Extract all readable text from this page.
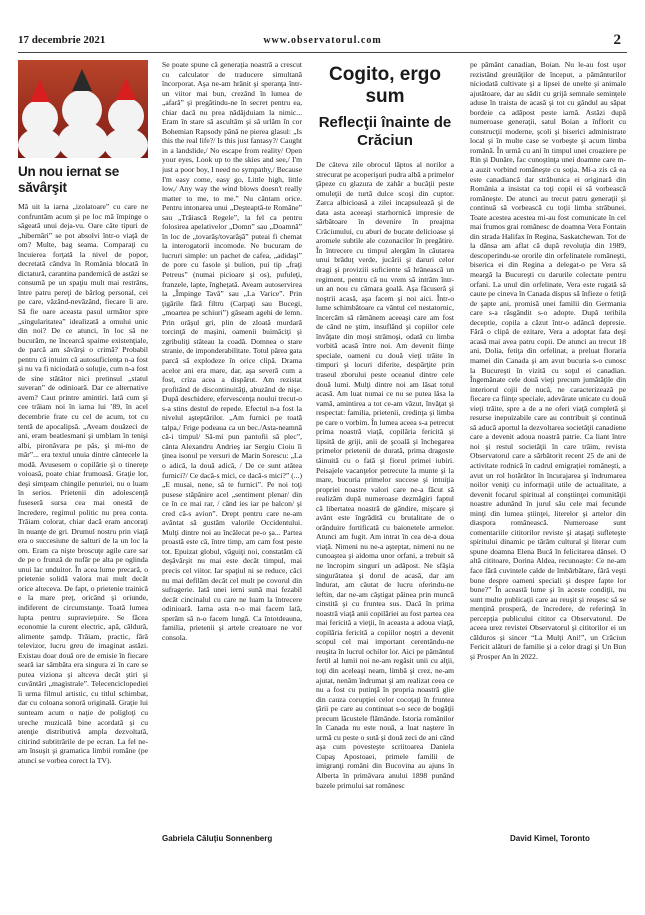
17 decembrie 2021	www.observatorul.com	2
Un nou iernat se săvârşit

Mă uit la iarna „izolatoare” cu care ne confruntăm acum şi pe loc mă împinge o săgeată unui deja-vu. Oare câte tipuri de „hibernări” se pot absolvi într-o viaţă de om? Multe, bag seama. Comparaţi cu încuierea forţată la nivel de popor, decretată cândva în România blocată în dictatură, carantina pandemică de astăzi se consumă pe un spaţiu mult mai restrâns, între patru pereţi de bârlog personal, cei pe care, văzând-nevăzând, fiecare îi are. Să fie oare aceasta pasul următor spre „singularitatea” idealizată a omului unic din noi? De ce atunci, în loc să ne bucurăm, ne încearcă spaime existenţiale, de parcă am săvârşi o crimă? Probabil pentru că intuim că autosuficienţa n-a fost şi nu va fi niciodată o soluţie, cum n-a fost de sine stătător nici pretinsul „statul suveran” de odinioară. Dar ce alternative avem? Caut printre amintiri. Iată cum şi cee trăiam noi în iarna lui ’89, în acel decembrie frate cu cel de acum, tot cu tentă de apocalipsă. „Aveam douăzeci de ani, eram beatlesmani şi umblam în tenişi albi, pironăvara pe pâs, şi mi-mo de măr”... era textul unuia dintre cântecele la modă. Avusesem o copilărie şi o tinereţe voioasă, poate chiar frumoasă. Graţie lor, deşi simţeam chingile penuriei, nu o luam în serios. Prietenii din adolescenţă fuseseră sursa cea mai onestă de încredere, regimul politic nu prea conta. Trăiam colorat, chiar dacă eram ancoraţi în nuanţe de gri. Drumul nostru prin viaţă era o succesiune de salturi de la un loc la om. Eram ca nişte broscuţe agile care sar de pe o frunză de nufăr pe alta pe oglinda unui lac unduitor. În acea lume precară, o prietenie solidă valora mai mult decât orice alteceva. De fapt, o prietenie trainică e la mare preţ, oricând şi oriunde, indiferent de circumstanţe. Toată lumea lupta pentru supravieţuire. Se făcea economie la curent electric, apă, căldură, alimente şamdp. Trăiam, practic, fără televizor, lucru greu de imaginat astăzi. Existau doar două ore de emisie în fiecare seară iar sâmbăta era singura zi în care se putea viziona şi altceva decât ştiri şi cuvântări „magistrale”. Telecenciclopediei îi urma filmul artistic, cu titlul schimbat, dar cu coloana sonoră originală. Graţie lui sunteam acum o naţie de poligloţi cu ureche muzicală bine acordată şi cu atenţie distributivă ampla dezvoltată, citirind subtitrările de pe ecran. La fel ne-am însuşit şi gramatica limbii române (pe atunci se vorbea corect la TV).

Se poate spune că generaţia noastră a crescut cu calculator de traducere simultană încorporat. Aşa ne-am hrănit şi speranţa într-un viitor mai bun, crezând în lumea de „afară” şi pregătindu-ne în secret pentru ea, chiar dacă nu prea nădăjduiam la nimic... Eram în stare să ascultăm şi să urlăm în cor Bohemian Rapsody până ne pierea glasul: „Is this the real life?/ Is this just fantasy?/ Caught in a landslide,/ No escape from reality/ Open your eyes, Look up to the skies and see,/ I'm just a poor boy, I need no sympathy,/ Because I'm easy come, easy go, Little high, little low,/ Any way the wind blows doesn't really matter to me, to me.” Nu cântam orice. Pentru intonarea unui „Deşteaptă-te Române” sau „Trăiască Regele”, la fel ca pentru folosirea apelativelor „Domn” sau „Doamnă” în loc de „tovarăş/tovarăşă” puteai fi chemat la interogatorii incomode. Ne bucuram de lucruri simple: un pachet de cafea, „adidaşi” de pore cu fasole şi bulion, pui tip „fraţi Petreus” (numai picioare şi os), pufuleţi, franzele, lapte, îngheţată. Aveam autoservirea la „Împinge Tavă” sau „La Varice”. Prin ţigările fără filtru (Carpaţi sau Bucegi, „moartea pe schiuri”) găseam agehi de lemn. Prin orăşul gri, plin de zloată murdară torcinţă de maşini, oamenii buimăciţi şi zgribuliţi stăteau la coadă. Domnea o stare stranie, de imponderabilitate. Totul părea gata parcă să explodeze în orice clipă. Drama acelor ani era mare, dar, aşa severă cum a fost, criza acea a dispărut. Am rezistat profitând de discontinuităţi, abuzând de nişe. După deschidere, efervescenţa noului trecut-o s-a stins destul de repede. Efectul n-a fost la nivelul aşteptărilor. „Am furnici pe toată talpa,/ Frige podeaua ca un bec./Asta-neamnă că-i timpul/ Să-mi pun pantofii să plec”, cânta Alexandru Andrieş iar Sergiu Cioiu îi ţinea isonul pe versuri de Marin Sorescu: „La o adică, la două adică, / De ce sunt atâtea furnici?/ Ce dacă-s mici, ce dacă-s mici?” (...) „E musai, nene, să te furnici”. Pe noi toţi pusese stăpânire acel „sentiment plenar/ din ce în ce mai rar, / când ies iar pe balcon/ şi cred că-s avion”. Drept pentru care ne-am avântat să gustăm valorile Occidentului. Mulţi dintre noi au încălecat pe-o şa... Partea proastă este că, între timp, am cam fost peste tot. Epuizat globul, văguiţi noi, constatăm că deşăvârşit nu mai este decât timpul, mai precis cel viitor. Iar spaţiul ni se reduce, căci nu mai defilăm decât cel mult pe covorul din sufragerie. Iată unei ierni sună mai fezabil decât cincinalul cu care ne luam la întrecere odinioară. Iarna asta n-o mai facem lată, sperăm să n-o facem lungă. Ca întotdeauna, familia, prietenii şi artele creatoare ne vor consola.

Cogito, ergo sum
Reflecţii înainte de Crăciun

De câteva zile obrocul lăptos al norilor a strecurat pe acoperişuri pudra albă a primelor ţăpeze cu glazura de zahăr a bucăţii peste omuleţii de turtă dulce scoşi din cuptor. Zarca albicioasă a zilei incapsulează şi de data asta aceeaşi starhornică impresie de sărbătoare în devenire în preajma Crăciunului, cu aburi de bucate delicioase şi aromele subtile ale cozonacilor în pregătire. În întrecere cu timpul alergăm în căutarea unui brăduţ verde, jucării şi daruri celor dragi şi proviziii suficiente să hrănească un regiment, pentru că nu vrem să intrăm într-un an nou cu cămara goală. Aşa făcuseră şi noştrii acasă, aşa facem şi noi aici. Într-o lume schimbătoare ca vântul cel nestatornic, încercăm să rămânem aceeaşi care am fost de când ne ştim, insuflând şi copiilor cele învăţate din moşi strămoşi, odată cu limba vorbită acasă între noi. Am devenit fiinţe speciale, oameni cu două vieţi trăite în timpuri şi locuri diferite, despărţite prin traseul zborului peste oceanul dintre cele două lumi. Mulţi dintre noi am lăsat totul acasă. Am luat numai ce nu se putea lăsa la vamă, amintirea a tot ce-am văzut, învăţat şi respectat: familia, prietenii, credinţa şi limba pe care o vorbim. În lumea aceea s-a petrecut prima noastră viaţă, copilăria fericită şi lipsită de griji, anii de şcoală şi închegarea primelor prietenii de durată, prima dragoste tăinuită cu o fată şi fiorul primei iubiri. Peisajele vacanţelor petrecute la munte şi la mare, bucuria primelor succese şi intuiţia propriei noastre valori care ne-a făcut să realizăm după numeroase dezmăgiri faptul că libertatea noastră de gândire, mişcare şi avânt este îngrădită cu brutalitate de o orânduire fortificată cu baionetele armelor. Atunci am fugit. Am intrat în cea de-a doua viaţă. Nimeni nu ne-a aşteptat, nimeni nu ne cunoaştea şi aidoma unor orfani, a trebuit să ne încropim singuri un adăpost. Ne sfâşia singurătatea şi dorul de acasă, dar am îndurat, am căutat de lucru oferindu-ne ieftin, dar ne-am câştigat pâinea prin muncă cinstită şi cu fruntea sus. Dacă în prima noastră viaţă anii copilăriei au fost partea cea mai fericită a vieţii, în aceasta a adoua viaţă, copilăria fericită a copiilor noştri a devenit scopul cel mai important cerentându-ne reuşita în lucrul ochilor lor. Aici pe pământul fertil al lumii noi ne-am regăsit unii cu alţii, toţi din aceleaşi neam, limbă şi crez, ne-am ajutat, nenăm îndrumat şi am realizat ceea ce nu a fost cu putinţă în propria noastră glie din cauza corupţiei celor cocoţaţi în fruntea ţării pe care au continuat s-o sece de bogăţii precum lăcustele flămânde. Istoria românilor în Canada nu este nouă, a luat naştere în urmă cu peste o sută şi două zeci de ani când aşa cum povesteşte scriitoarea Daniela Cupaş Apostoaei, primele familii de imigranţi români din Bucovina au ajuns în Alberta în primăvara anului 1898 punând bazele primului sat românesc

pe pământ canadian, Boian. Nu le-au fost uşor rezistând greutăţilor de început, a pământurilor niciodată cultivate şi a lipsei de unelte şi animale ajutătoare, dar au sădit cu grijă semnale seminţele aduse în traista de acasă şi tot cu gândul au săpat bordeie ca adăpost peste iarnă. Astăzi după numeroase generaţii, satul Boian a înflorit cu construcţii moderne, şcoli şi biserici administrate local şi în multe case se vorbeşte şi acum limba română. În urmă cu ani în timpul unei croaziere pe Rin şi Dunăre, fac cunoştinţa unei doamne care m-a auzit vorbind româneşte cu soţia. Mi-a zis că ea este canadiancă dar străbunica ei originară din România a insistat ca toţi copii ei să vorbească româneşte. De atunci au trecut patru generaţii şi continuă să vorbească cu toţii limba străbunei. Toate acestea acestea mi-au fost comunicate în cel mai frumos grai românesc de doamna Vera Fontain din strada Halifax în Regina, Saskatchewan. Tot de la dânsa am aflat că după revoluţia din 1989, descoperindu-se ororile din orfelinatele româneşti, biserica ei din Regina a delegat-o pe Vera să meargă la Bucureşti cu darurile colectate pentru orfani. La unul din orfelinate, Vera este rugată să caute pe cineva în Canada dispus să înfieze o fetiţă de şapte ani, promisă unei familii din Germania care s-a răsgândit s-o adopte. După teribila deceptie, copila a căzut într-o adâncă depresie. Fără o clipă de ezitare, Vera a adoptat fata deşi acasă mai avea patru copii. De atunci au trecut 18 ani, Dolia, fetiţa din orfelinat, a preluat floraria mamei din Canada şi am avut bucuria s-o cunosc la Bucureşti în vizită cu soţul ei canadian. Îngemănate cele două vieţi precum jumătăţile din interiorul cojii de nucă, ne caracterizează pe fiecare ca fiinţe speciale, adevărate unicate cu două vieţi trăite, spre a de a ne oferi viaţă completă şi resurse inepuizabile care au contribuit şi continuă să aducă aportul la dezvoltarea societăţii canadiene care a devenit adoua noastră patrie. Ca liant între noi şi restul societăţii în care trăim, revista Observatorul care a sărbătorit recent 25 de ani de activitate rodnică în cadrul emigraţiei româneşti, a avut un rol hotărâtor în încurajarea şi îndrumarea noilor veniţi cu informaţii utile de actualitate, a devenit focarul spiritual al conştiinţei comunităţii noastre adunând în jurul său cele mai fecunde minţi din lumea ştiinţei, literelor şi artelor din diaspora românească. Numeroase sunt comentariile cititorilor reviste şi ataşaţi sufleteşte spiritului dinamic pe tărâm cultural şi literar cum spune doamna Elena Bucă în felicitarea dânsei. O altă cititoare, Dorina Aldea, recunoaşte: Ce ne-am face fără cuvintele calde de îmbărbătare, fără veşti bune despre oameni speciali şi despre fapte lor bune?” În această lume şi în aceste condiţii, nu sunt multe publicaţii care au reuşit şi reuşesc să se menţină prosperă, de încredere, de referinţă în percepţia publicului cititor ca Observatorul. De aceea urez revistei Observatorul şi cititorilor ei un călduros şi sincer “La Mulţi Ani!”, un Crăciun Fericit alături de familie şi a celor dragi şi Un Bun şi Prosper An în 2022.

Gabriela Căluţiu Sonnenberg	David Kimel, Toronto
